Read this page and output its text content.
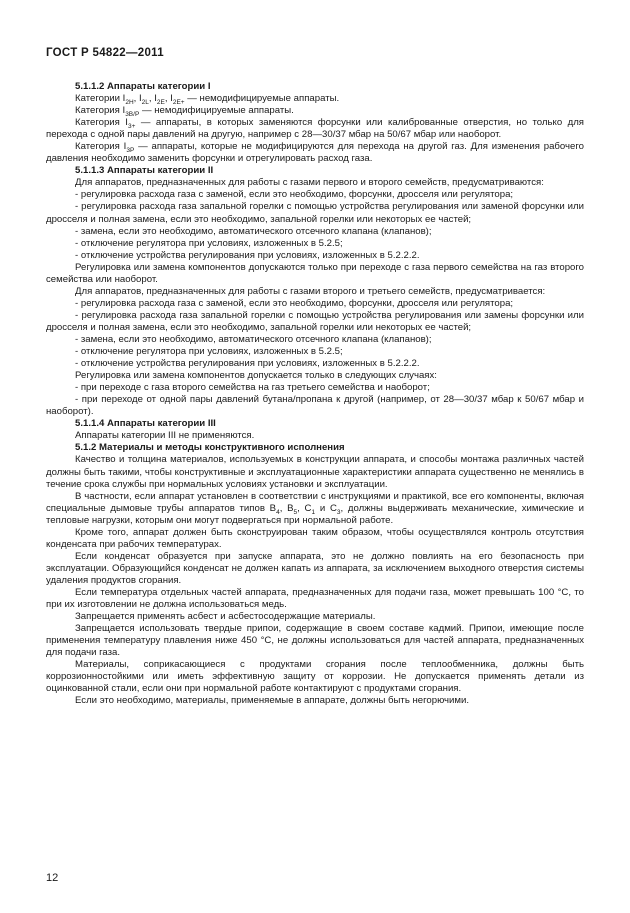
ГОСТ Р 54822—2011

5.1.1.2 Аппараты категории I

Категории $I_{2H}$, $I_{2L}$, $I_{2E}$, $I_{2E+}$ — немодифицируемые аппараты.

Категория $I_{3B/P}$ — немодифицируемые аппараты.

Категория $I_{3+}$ — аппараты, в которых заменяются форсунки или калиброванные отверстия, но только для перехода с одной пары давлений на другую, например с 28—30/37 мбар на 50/67 мбар или наоборот.

Категория $I_{3P}$ — аппараты, которые не модифицируются для перехода на другой газ. Для изменения рабочего давления необходимо заменить форсунки и отрегулировать расход газа.

5.1.1.3 Аппараты категории II

Для аппаратов, предназначенных для работы с газами первого и второго семейств, предусматриваются:

- регулировка расхода газа с заменой, если это необходимо, форсунки, дросселя или регулятора;

- регулировка расхода газа запальной горелки с помощью устройства регулирования или заменой форсунки или дросселя и полная замена, если это необходимо, запальной горелки или некоторых ее частей;

- замена, если это необходимо, автоматического отсечного клапана (клапанов);

- отключение регулятора при условиях, изложенных в 5.2.5;

- отключение устройства регулирования при условиях, изложенных в 5.2.2.2.

Регулировка или замена компонентов допускаются только при переходе с газа первого семейства на газ второго семейства или наоборот.

Для аппаратов, предназначенных для работы с газами второго и третьего семейств, предусматривается:

- регулировка расхода газа с заменой, если это необходимо, форсунки, дросселя или регулятора;

- регулировка расхода газа запальной горелки с помощью устройства регулирования или замены форсунки или дросселя и полная замена, если это необходимо, запальной горелки или некоторых ее частей;

- замена, если это необходимо, автоматического отсечного клапана (клапанов);

- отключение регулятора при условиях, изложенных в 5.2.5;

- отключение устройства регулирования при условиях, изложенных в 5.2.2.2.

Регулировка или замена компонентов допускается только в следующих случаях:

- при переходе с газа второго семейства на газ третьего семейства и наоборот;

- при переходе от одной пары давлений бутана/пропана к другой (например, от 28—30/37 мбар к 50/67 мбар и наоборот).

5.1.1.4 Аппараты категории III

Аппараты категории III не применяются.

5.1.2 Материалы и методы конструктивного исполнения

Качество и толщина материалов, используемых в конструкции аппарата, и способы монтажа различных частей должны быть такими, чтобы конструктивные и эксплуатационные характеристики аппарата существенно не менялись в течение срока службы при нормальных условиях установки и эксплуатации.

В частности, если аппарат установлен в соответствии с инструкциями и практикой, все его компоненты, включая специальные дымовые трубы аппаратов типов $B_4$, $B_5$, $C_1$ и $C_3$, должны выдерживать механические, химические и тепловые нагрузки, которым они могут подвергаться при нормальной работе.

Кроме того, аппарат должен быть сконструирован таким образом, чтобы осуществлялся контроль отсутствия конденсата при рабочих температурах.

Если конденсат образуется при запуске аппарата, это не должно повлиять на его безопасность при эксплуатации. Образующийся конденсат не должен капать из аппарата, за исключением выходного отверстия системы удаления продуктов сгорания.

Если температура отдельных частей аппарата, предназначенных для подачи газа, может превышать 100 °С, то при их изготовлении не должна использоваться медь.

Запрещается применять асбест и асбестосодержащие материалы.

Запрещается использовать твердые припои, содержащие в своем составе кадмий. Припои, имеющие после применения температуру плавления ниже 450 °С, не должны использоваться для частей аппарата, предназначенных для подачи газа.

Материалы, соприкасающиеся с продуктами сгорания после теплообменника, должны быть коррозионностойкими или иметь эффективную защиту от коррозии. Не допускается применять детали из оцинкованной стали, если они при нормальной работе контактируют с продуктами сгорания.

Если это необходимо, материалы, применяемые в аппарате, должны быть негорючими.

12
